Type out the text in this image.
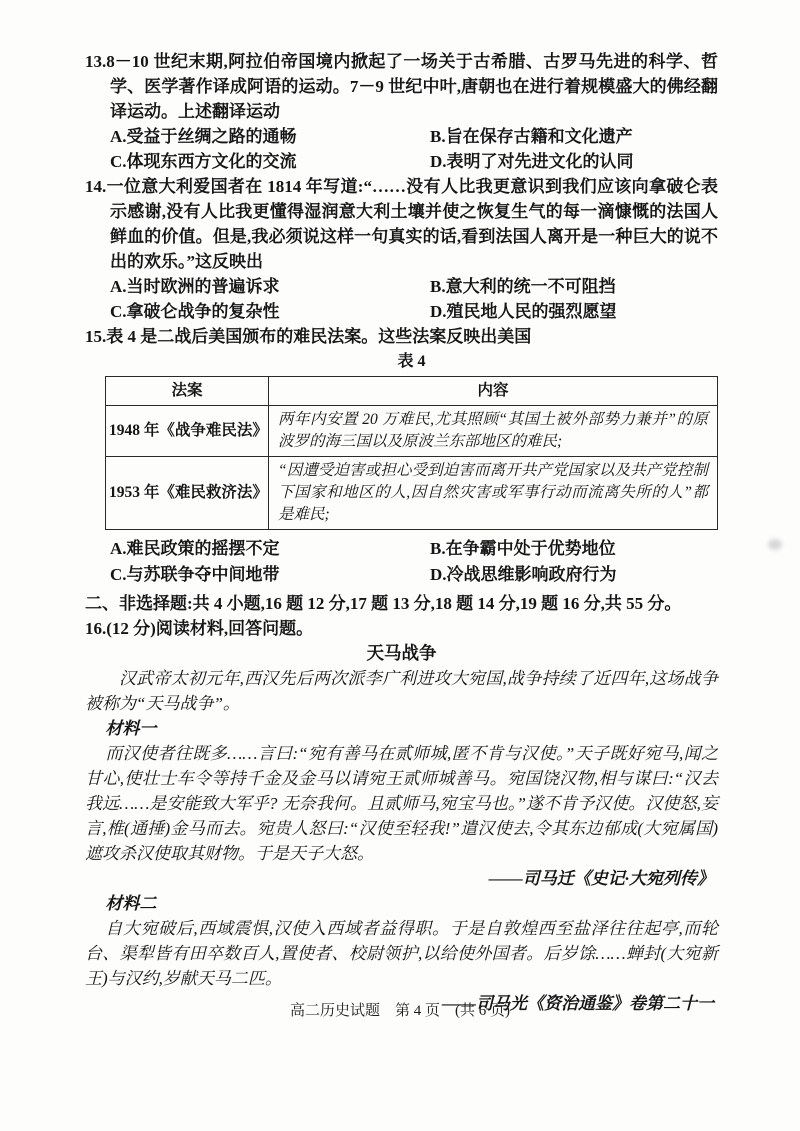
13.8－10 世纪末期,阿拉伯帝国境内掀起了一场关于古希腊、古罗马先进的科学、哲学、医学著作译成阿语的运动。7－9 世纪中叶,唐朝也在进行着规模盛大的佛经翻译运动。上述翻译运动

A.受益于丝绸之路的通畅	B.旨在保存古籍和文化遗产
C.体现东西方文化的交流	D.表明了对先进文化的认同

14.一位意大利爱国者在 1814 年写道:“……没有人比我更意识到我们应该向拿破仑表示感谢,没有人比我更懂得湿润意大利土壤并使之恢复生气的每一滴慷慨的法国人鲜血的价值。但是,我必须说这样一句真实的话,看到法国人离开是一种巨大的说不出的欢乐。”这反映出

A.当时欧洲的普遍诉求	B.意大利的统一不可阻挡
C.拿破仑战争的复杂性	D.殖民地人民的强烈愿望

15.表 4 是二战后美国颁布的难民法案。这些法案反映出美国

表 4
法案	内容
1948 年《战争难民法》	两年内安置 20 万难民,尤其照顾“其国土被外部势力兼并”的原波罗的海三国以及原波兰东部地区的难民;
1953 年《难民救济法》	“因遭受迫害或担心受到迫害而离开共产党国家以及共产党控制下国家和地区的人,因自然灾害或军事行动而流离失所的人”都是难民;
A.难民政策的摇摆不定	B.在争霸中处于优势地位
C.与苏联争夺中间地带	D.冷战思维影响政府行为

二、非选择题:共 4 小题,16 题 12 分,17 题 13 分,18 题 14 分,19 题 16 分,共 55 分。

16.(12 分)阅读材料,回答问题。

天马战争

汉武帝太初元年,西汉先后两次派李广利进攻大宛国,战争持续了近四年,这场战争被称为“天马战争”。

材料一

而汉使者往既多……言曰:“宛有善马在贰师城,匿不肯与汉使。”天子既好宛马,闻之甘心,使壮士车令等持千金及金马以请宛王贰师城善马。宛国饶汉物,相与谋曰:“汉去我远……是安能致大军乎? 无奈我何。且贰师马,宛宝马也。”遂不肯予汉使。汉使怒,妄言,椎(通捶)金马而去。宛贵人怒曰:“汉使至轻我!”遣汉使去,令其东边郁成(大宛属国)遮攻杀汉使取其财物。于是天子大怒。

——司马迁《史记·大宛列传》

材料二

自大宛破后,西域震惧,汉使入西域者益得职。于是自敦煌西至盐泽往往起亭,而轮台、渠犁皆有田卒数百人,置使者、校尉领护,以给使外国者。后岁馀……蝉封(大宛新王)与汉约,岁献天马二匹。

——司马光《资治通鉴》卷第二十一

高二历史试题　第 4 页　(共 6 页)
